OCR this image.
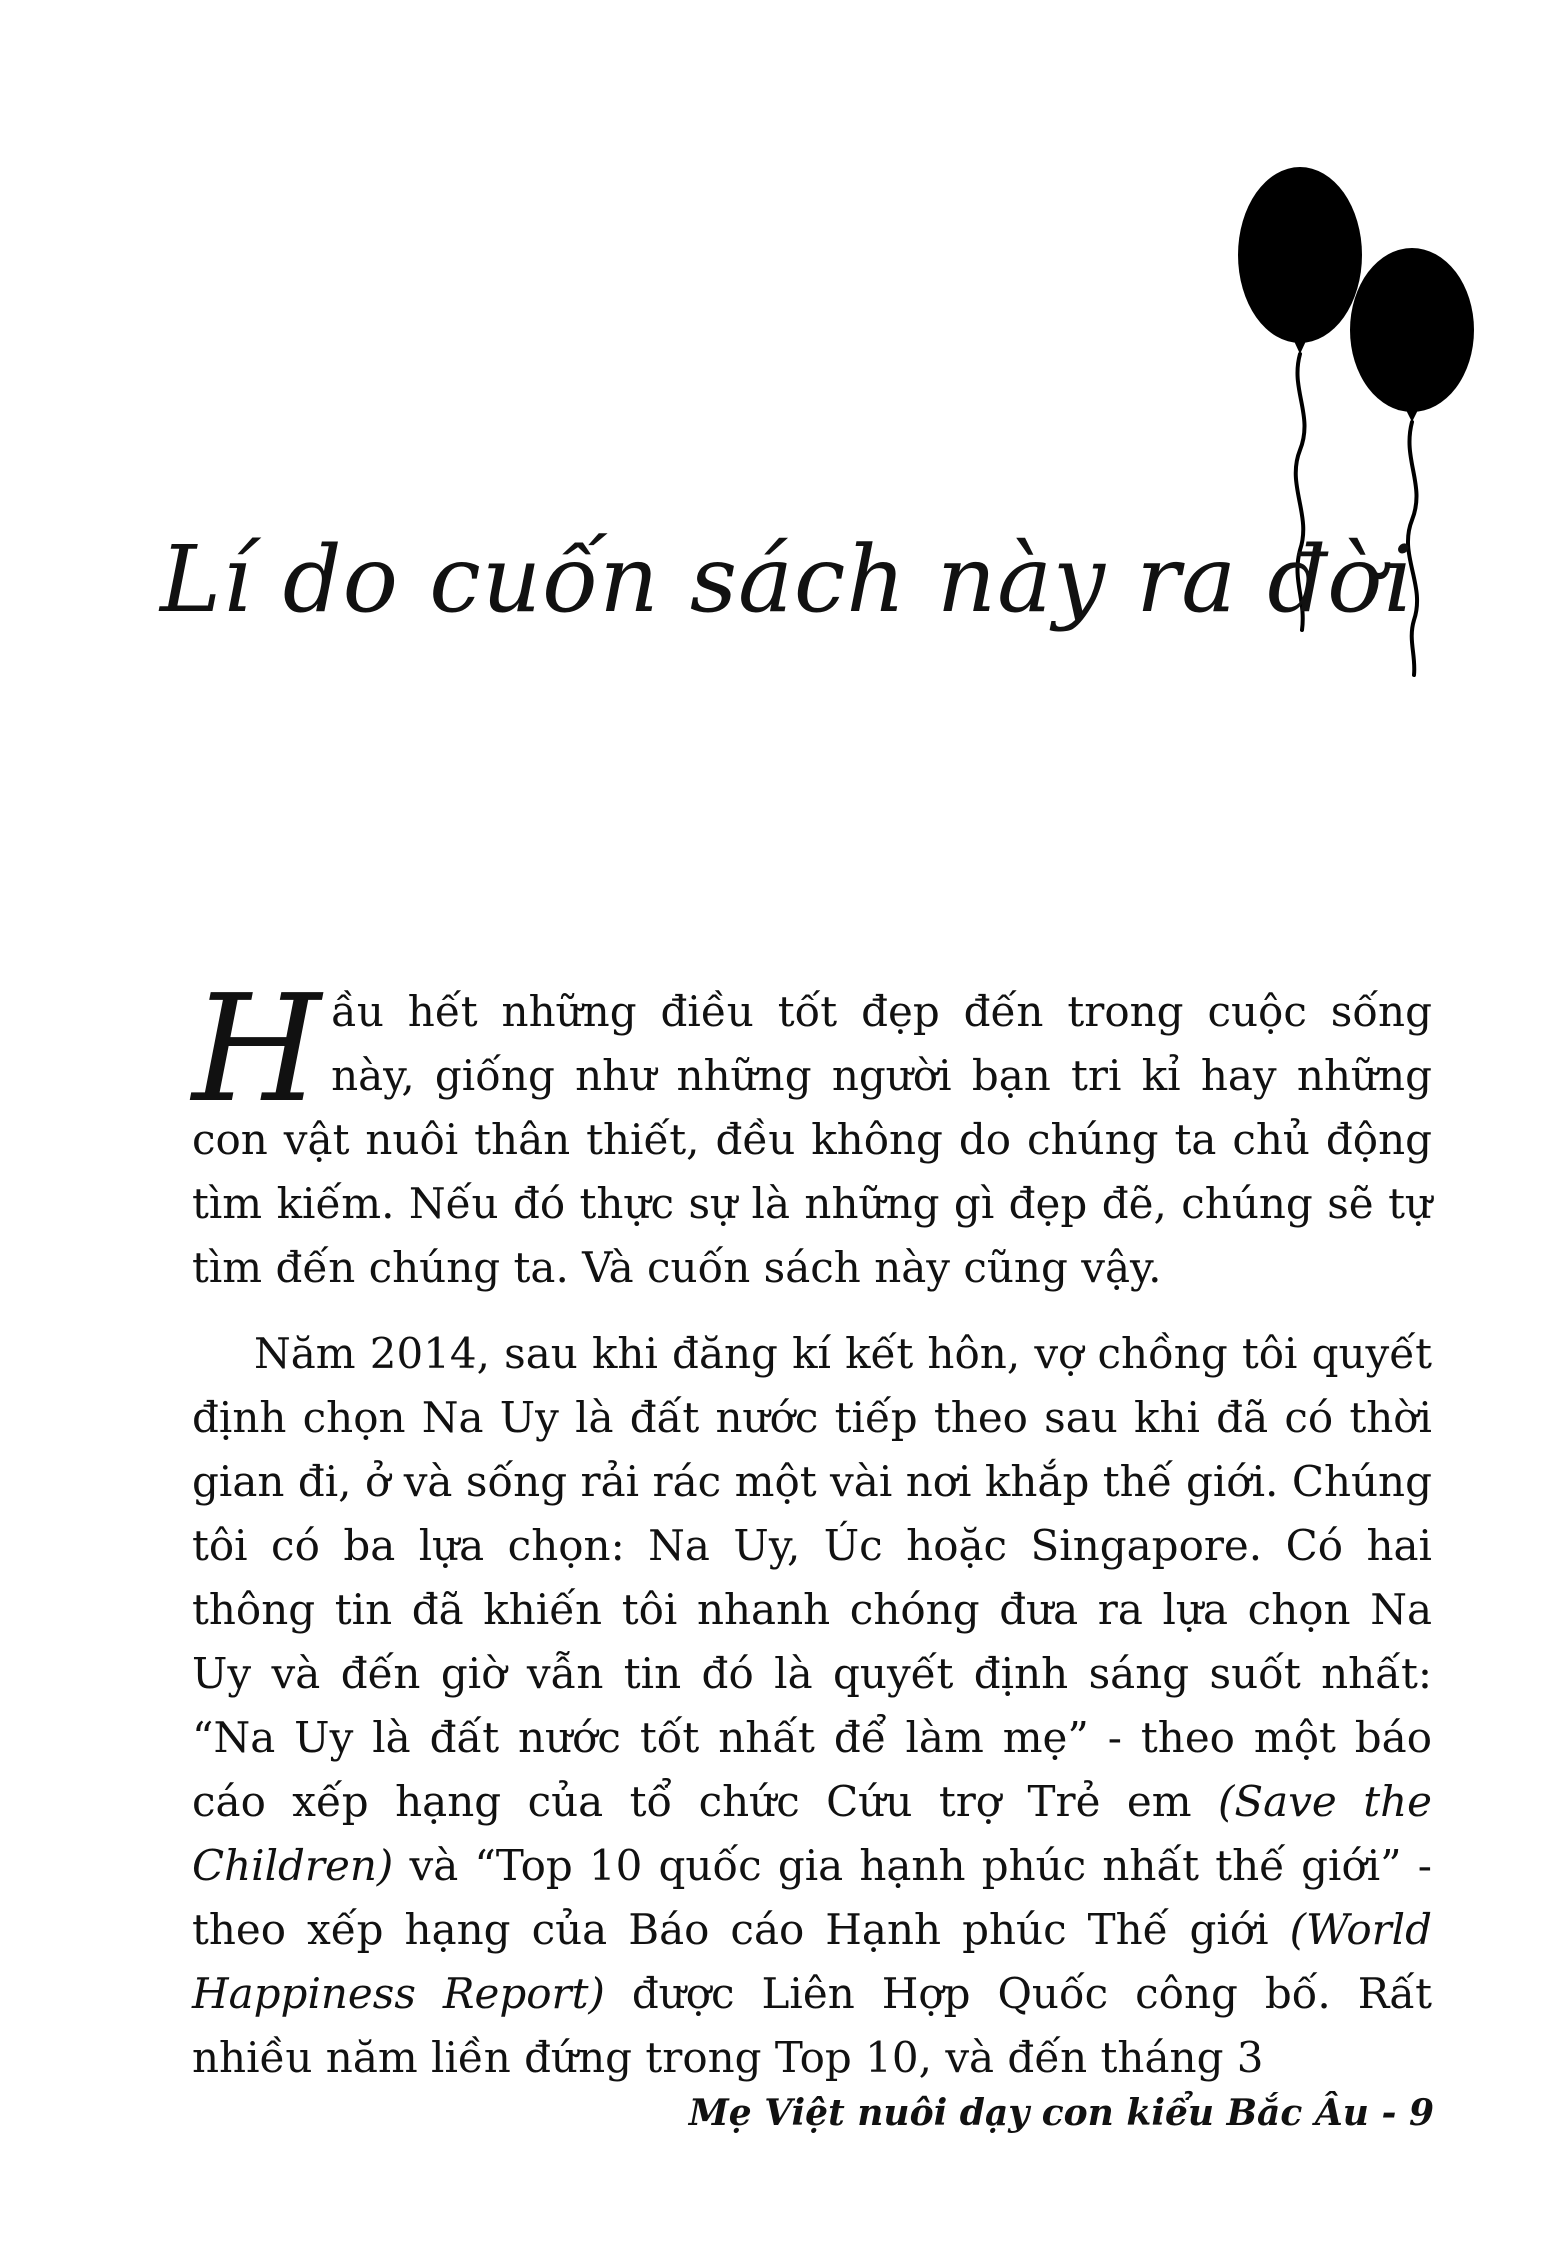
Lí do cuốn sách này ra đời

Hầu hết những điều tốt đẹp đến trong cuộc sống này, giống như những người bạn tri kỉ hay những con vật nuôi thân thiết, đều không do chúng ta chủ động tìm kiếm. Nếu đó thực sự là những gì đẹp đẽ, chúng sẽ tự tìm đến chúng ta. Và cuốn sách này cũng vậy.

Năm 2014, sau khi đăng kí kết hôn, vợ chồng tôi quyết định chọn Na Uy là đất nước tiếp theo sau khi đã có thời gian đi, ở và sống rải rác một vài nơi khắp thế giới. Chúng tôi có ba lựa chọn: Na Uy, Úc hoặc Singapore. Có hai thông tin đã khiến tôi nhanh chóng đưa ra lựa chọn Na Uy và đến giờ vẫn tin đó là quyết định sáng suốt nhất: “Na Uy là đất nước tốt nhất để làm mẹ” - theo một báo cáo xếp hạng của tổ chức Cứu trợ Trẻ em (Save the Children) và “Top 10 quốc gia hạnh phúc nhất thế giới” - theo xếp hạng của Báo cáo Hạnh phúc Thế giới (World Happiness Report) được Liên Hợp Quốc công bố. Rất nhiều năm liền đứng trong Top 10, và đến tháng 3

Mẹ Việt nuôi dạy con kiểu Bắc Âu - 9
